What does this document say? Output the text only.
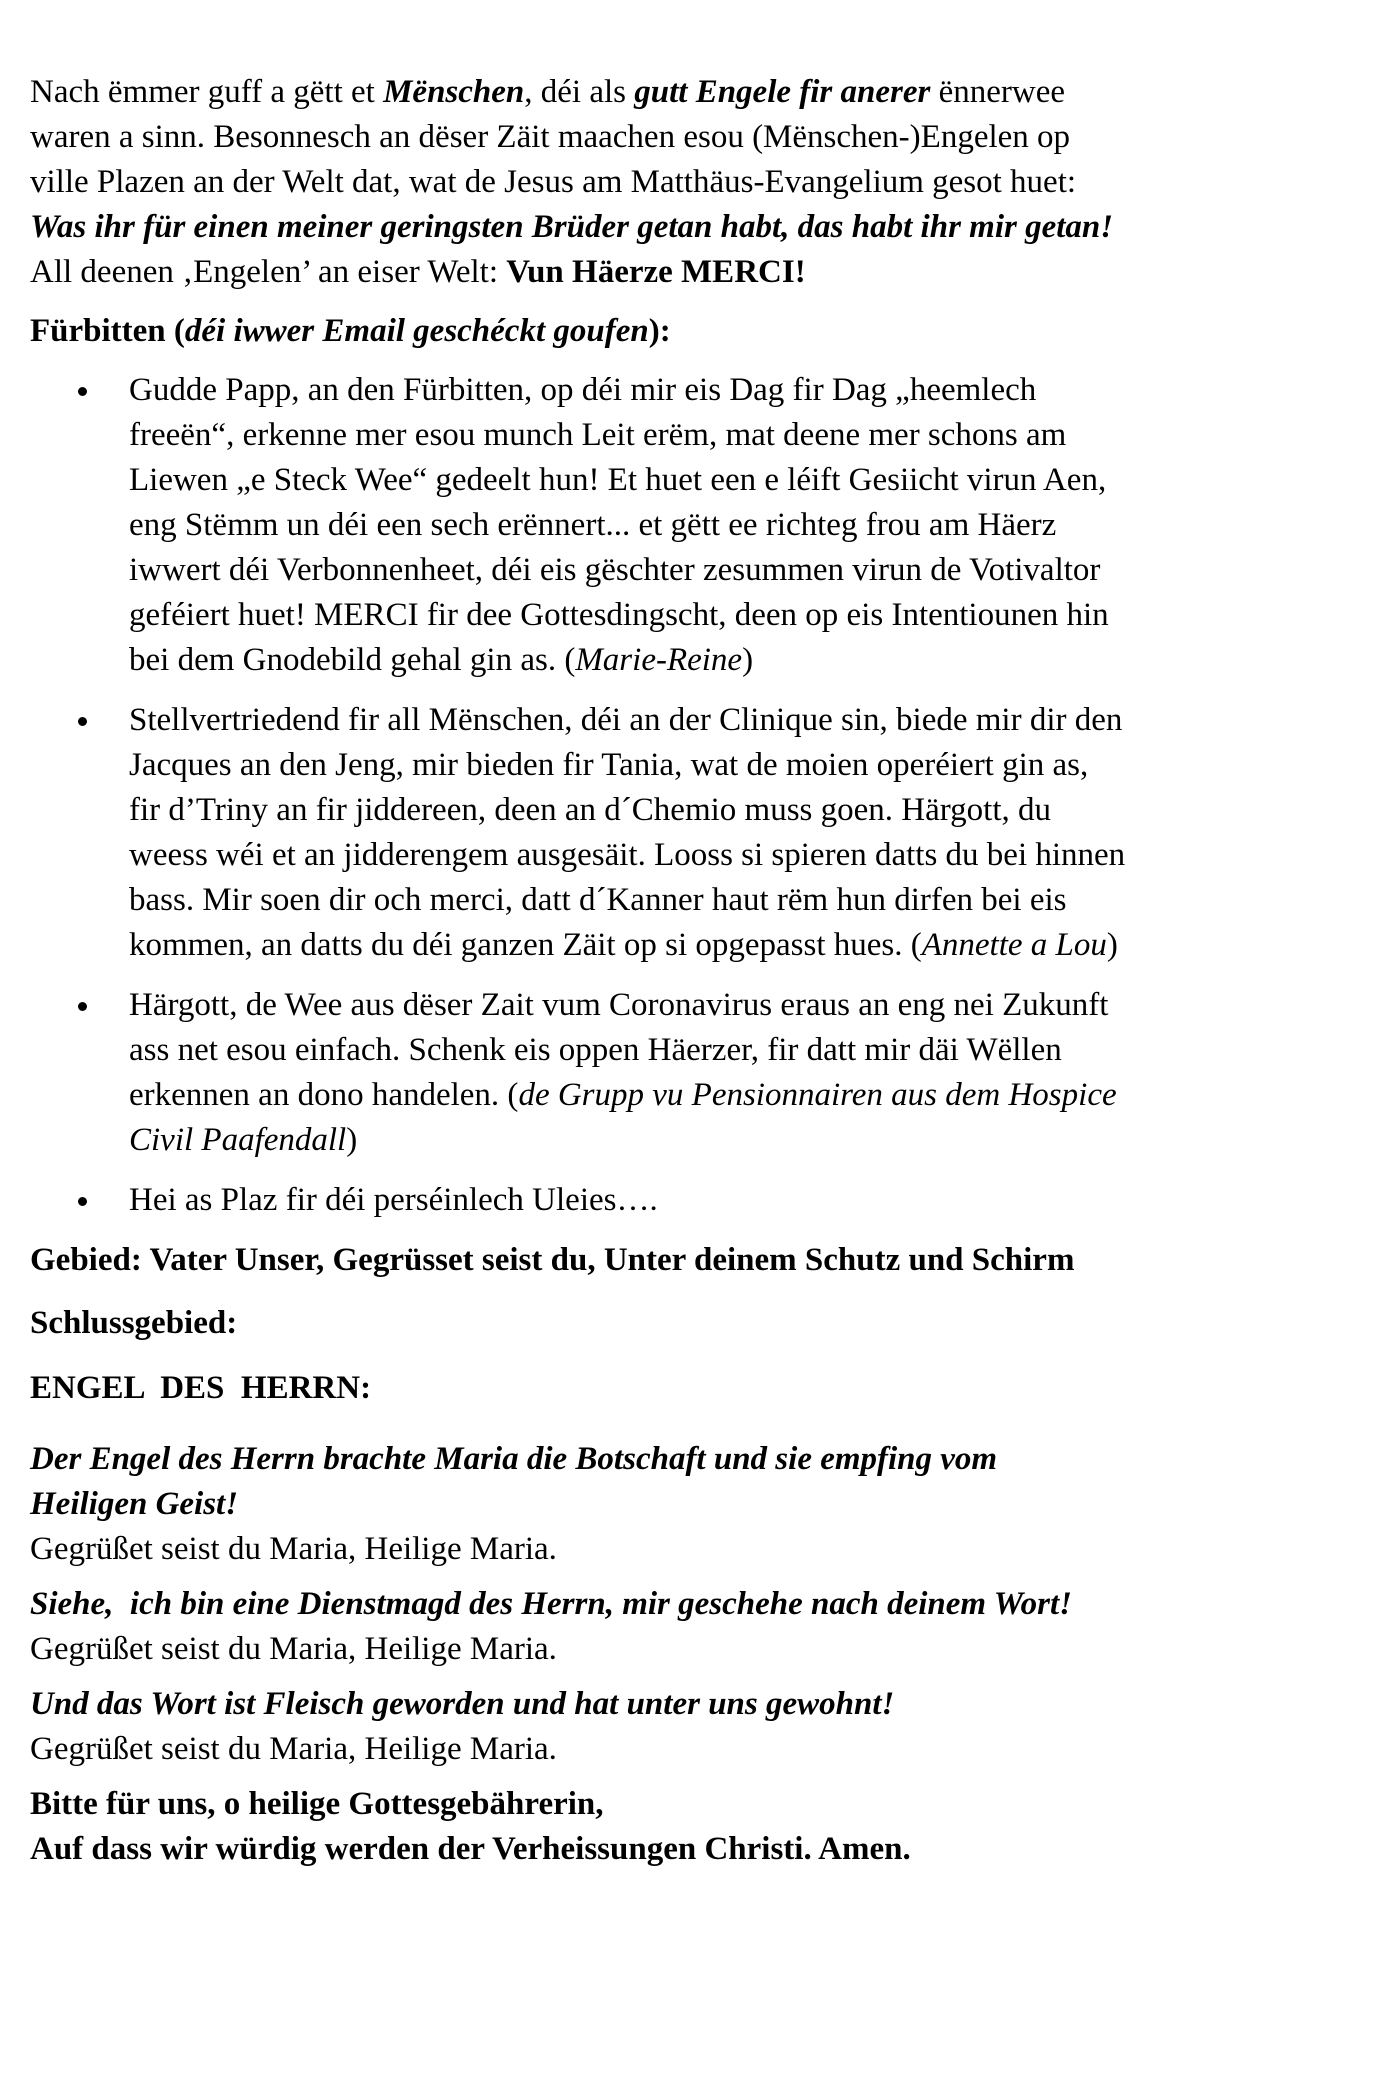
Nach ëmmer guff a gëtt et Mënschen, déi als gutt Engele fir anerer ënnerwee
waren a sinn. Besonnesch an dëser Zäit maachen esou (Mënschen-)Engelen op
ville Plazen an der Welt dat, wat de Jesus am Matthäus-Evangelium gesot huet:
Was ihr für einen meiner geringsten Brüder getan habt, das habt ihr mir getan!
All deenen ‚Engelen’ an eiser Welt: Vun Häerze MERCI!
Fürbitten (déi iwwer Email geschéckt goufen):
Gudde Papp, an den Fürbitten, op déi mir eis Dag fir Dag „heemlech
freeën“, erkenne mer esou munch Leit erëm, mat deene mer schons am
Liewen „e Steck Wee“ gedeelt hun! Et huet een e léift Gesiicht virun Aen,
eng Stëmm un déi een sech erënnert... et gëtt ee richteg frou am Häerz
iwwert déi Verbonnenheet, déi eis gëschter zesummen virun de Votivaltor
geféiert huet! MERCI fir dee Gottesdingscht, deen op eis Intentiounen hin
bei dem Gnodebild gehal gin as. (Marie-Reine)
Stellvertriedend fir all Mënschen, déi an der Clinique sin, biede mir dir den
Jacques an den Jeng, mir bieden fir Tania, wat de moien operéiert gin as,
fir d’Triny an fir jiddereen, deen an d´Chemio muss goen. Härgott, du
weess wéi et an jidderengem ausgesäit. Looss si spieren datts du bei hinnen
bass. Mir soen dir och merci, datt d´Kanner haut rëm hun dirfen bei eis
kommen, an datts du déi ganzen Zäit op si opgepasst hues. (Annette a Lou)
Härgott, de Wee aus dëser Zait vum Coronavirus eraus an eng nei Zukunft
ass net esou einfach. Schenk eis oppen Häerzer, fir datt mir däi Wëllen
erkennen an dono handelen. (de Grupp vu Pensionnairen aus dem Hospice
Civil Paafendall)
Hei as Plaz fir déi perséinlech Uleies….
Gebied: Vater Unser, Gegrüsset seist du, Unter deinem Schutz und Schirm
Schlussgebied:
ENGEL  DES  HERRN:
Der Engel des Herrn brachte Maria die Botschaft und sie empfing vom
Heiligen Geist!
Gegrüßet seist du Maria, Heilige Maria.
Siehe,  ich bin eine Dienstmagd des Herrn, mir geschehe nach deinem Wort!
Gegrüßet seist du Maria, Heilige Maria.
Und das Wort ist Fleisch geworden und hat unter uns gewohnt!
Gegrüßet seist du Maria, Heilige Maria.
Bitte für uns, o heilige Gottesgebährerin,
Auf dass wir würdig werden der Verheissungen Christi. Amen.
